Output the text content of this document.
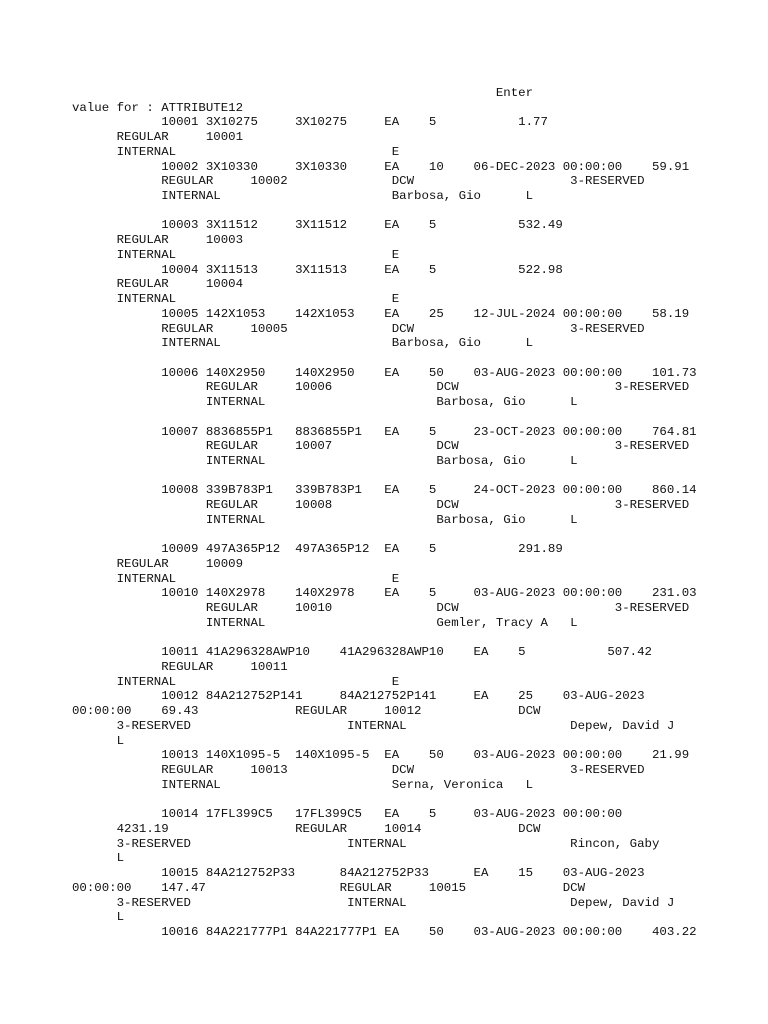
Enter
value for : ATTRIBUTE12
10001 3X10275     3X10275     EA    5           1.77
REGULAR     10001
INTERNAL                             E
10002 3X10330     3X10330     EA    10    06-DEC-2023 00:00:00    59.91
REGULAR     10002              DCW                     3-RESERVED
INTERNAL                       Barbosa, Gio      L
10003 3X11512     3X11512     EA    5           532.49
REGULAR     10003
INTERNAL                             E
10004 3X11513     3X11513     EA    5           522.98
REGULAR     10004
INTERNAL                             E
10005 142X1053    142X1053    EA    25    12-JUL-2024 00:00:00    58.19
REGULAR     10005              DCW                     3-RESERVED
INTERNAL                       Barbosa, Gio      L
10006 140X2950    140X2950    EA    50    03-AUG-2023 00:00:00    101.73
REGULAR     10006              DCW                     3-RESERVED
INTERNAL                       Barbosa, Gio      L
10007 8836855P1   8836855P1   EA    5     23-OCT-2023 00:00:00    764.81
REGULAR     10007              DCW                     3-RESERVED
INTERNAL                       Barbosa, Gio      L
10008 339B783P1   339B783P1   EA    5     24-OCT-2023 00:00:00    860.14
REGULAR     10008              DCW                     3-RESERVED
INTERNAL                       Barbosa, Gio      L
10009 497A365P12  497A365P12  EA    5           291.89
REGULAR     10009
INTERNAL                             E
10010 140X2978    140X2978    EA    5     03-AUG-2023 00:00:00    231.03
REGULAR     10010              DCW                     3-RESERVED
INTERNAL                       Gemler, Tracy A   L
10011 41A296328AWP10    41A296328AWP10    EA    5           507.42
REGULAR     10011
INTERNAL                             E
10012 84A212752P141     84A212752P141     EA    25    03-AUG-2023
00:00:00    69.43             REGULAR     10012             DCW
3-RESERVED                     INTERNAL                      Depew, David J
L
10013 140X1095-5  140X1095-5  EA    50    03-AUG-2023 00:00:00    21.99
REGULAR     10013              DCW                     3-RESERVED
INTERNAL                       Serna, Veronica   L
10014 17FL399C5   17FL399C5   EA    5     03-AUG-2023 00:00:00
4231.19                 REGULAR     10014             DCW
3-RESERVED                     INTERNAL                      Rincon, Gaby
L
10015 84A212752P33      84A212752P33      EA    15    03-AUG-2023
00:00:00    147.47                  REGULAR     10015             DCW
3-RESERVED                     INTERNAL                      Depew, David J
L
10016 84A221777P1 84A221777P1 EA    50    03-AUG-2023 00:00:00    403.22
